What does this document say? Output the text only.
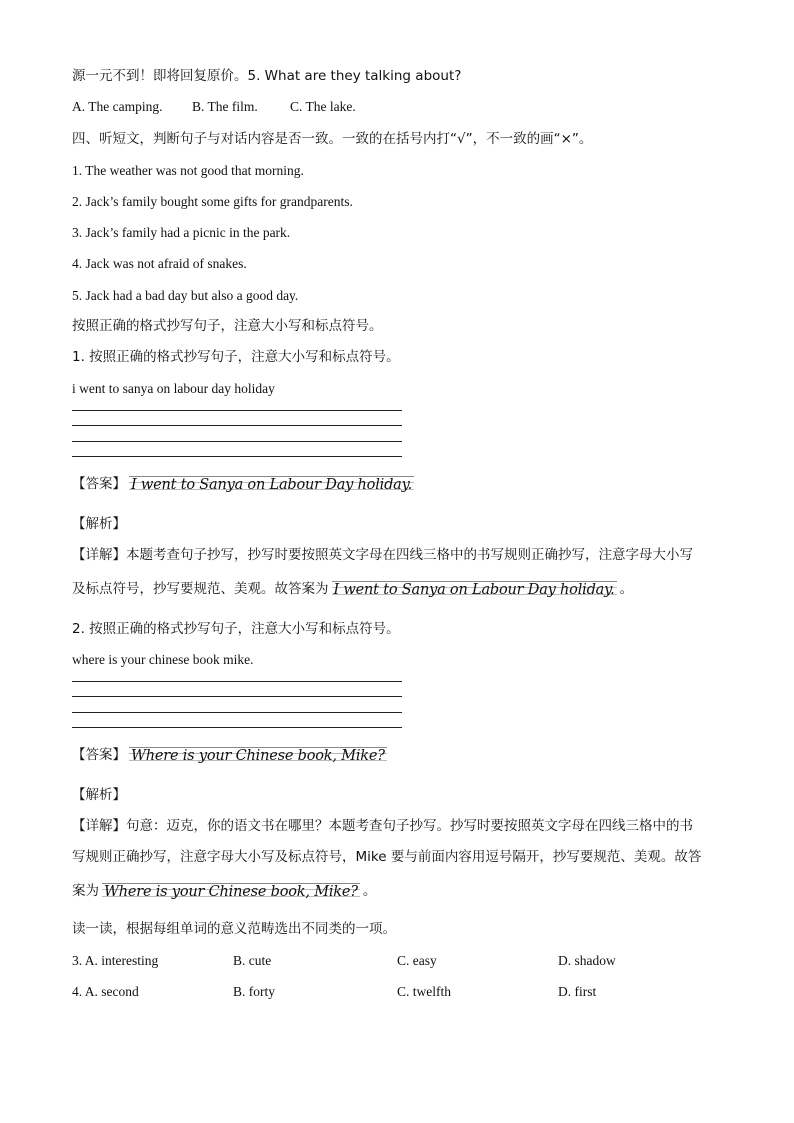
源一元不到！即将回复原价。5. What are they talking about?
A. The camping. B. The film. C. The lake.
四、听短文，判断句子与对话内容是否一致。一致的在括号内打“√”，不一致的画“×”。
1. The weather was not good that morning.
2. Jack’s family bought some gifts for grandparents.
3. Jack’s family had a picnic in the park.
4. Jack was not afraid of snakes.
5. Jack had a bad day but also a good day.
按照正确的格式抄写句子，注意大小写和标点符号。
1. 按照正确的格式抄写句子，注意大小写和标点符号。
i went to sanya on labour day holiday
【答案】 I went to Sanya on Labour Day holiday.
【解析】
【详解】本题考查句子抄写，抄写时要按照英文字母在四线三格中的书写规则正确抄写，注意字母大小写
及标点符号，抄写要规范、美观。故答案为 I went to Sanya on Labour Day holiday. 。
2. 按照正确的格式抄写句子，注意大小写和标点符号。
where is your chinese book mike.
【答案】 Where is your Chinese book, Mike?
【解析】
【详解】句意：迈克，你的语文书在哪里？本题考查句子抄写。抄写时要按照英文字母在四线三格中的书
写规则正确抄写，注意字母大小写及标点符号，Mike 要与前面内容用逗号隔开，抄写要规范、美观。故答
案为 Where is your Chinese book, Mike? 。
读一读，根据每组单词的意义范畴选出不同类的一项。
3. A. interesting	B. cute	C. easy	D. shadow
4. A. second	B. forty	C. twelfth	D. first
